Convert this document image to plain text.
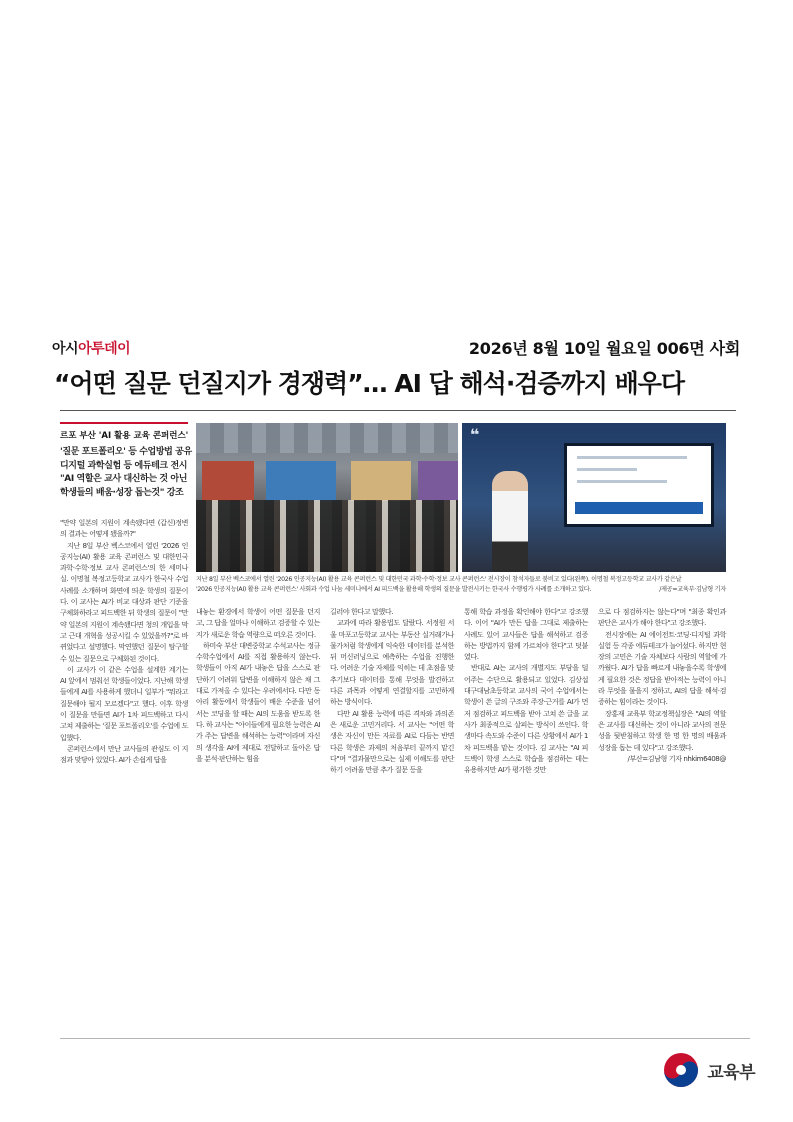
아시아투데이	2026년 8월 10일 월요일 006면 사회
“어떤 질문 던질지가 경쟁력”… AI 답 해석·검증까지 배우다
르포 부산 'AI 활용 교육 콘퍼런스'
'질문 포트폴리오' 등 수업방법 공유
디지털 과학실험 등 에듀테크 전시
"AI 역할은 교사 대신하는 것 아닌
학생들의 배움·성장 돕는것" 강조
❝
지난 8일 부산 벡스코에서 열린 '2026 인공지능(AI) 활용 교육 콘퍼런스 및 대한민국 과학·수학·정보 교사 콘퍼런스' 전시장이 참석자들로 붐비고 있다(왼쪽). 이명철 복정고등학교 교사가 같은날
'2026 인공지능(AI) 활용 교육 콘퍼런스' 사회과 수업 나눔 세미나에서 AI 피드백을 활용해 학생의 질문을 발전시키는 한국사 수행평가 사례를 소개하고 있다.	/제공=교육부·김남형 기자

"만약 일본의 지원이 계속됐다면 (갑신)정변의 결과는 어떻게 됐을까?"

지난 8일 부산 벡스코에서 열린 '2026 인공지능(AI) 활용 교육 콘퍼런스 및 대한민국 과학·수학·정보 교사 콘퍼런스'의 한 세미나실. 이명철 복정고등학교 교사가 한국사 수업 사례를 소개하며 화면에 띄운 학생의 질문이다. 이 교사는 AI가 비교 대상과 판단 기준을 구체화하라고 피드백한 뒤 학생의 질문이 "만약 일본의 지원이 계속됐다면 청의 개입을 막고 근대 개혁을 성공시킬 수 있었을까?"로 바뀌었다고 설명했다. 막연했던 질문이 탐구할 수 있는 질문으로 구체화된 것이다.

이 교사가 이 같은 수업을 설계한 계기는 AI 앞에서 멈춰선 학생들이었다. 지난해 학생들에게 AI를 사용하게 했더니 일부가 "뭐라고 질문해야 될지 모르겠다"고 했다. 이후 학생이 질문을 만들면 AI가 1차 피드백하고 다시 고쳐 제출하는 '질문 포트폴리오'를 수업에 도입했다.

콘퍼런스에서 만난 교사들의 관심도 이 지점과 맞닿아 있었다. AI가 손쉽게 답을

내놓는 환경에서 학생이 어떤 질문을 던지고, 그 답을 얼마나 이해하고 검증할 수 있는지가 새로운 학습 역량으로 떠오른 것이다.

하미숙 부산 대변중학교 수석교사는 정규 수학수업에서 AI를 직접 활용하지 않는다. 학생들이 아직 AI가 내놓은 답을 스스로 판단하기 어려워 답변을 이해하지 않은 채 그대로 가져올 수 있다는 우려에서다. 다만 동아리 활동에서 학생들이 배운 수준을 넘어서는 코딩을 할 때는 AI의 도움을 받도록 한다. 하 교사는 "아이들에게 필요한 능력은 AI가 주는 답변을 해석하는 능력"이라며 자신의 생각을 AI에 제대로 전달하고 돌아온 답을 분석·판단하는 힘을

길러야 한다고 말했다.

교과에 따라 활용법도 달랐다. 서정원 서울 마포고등학교 교사는 부동산 실거래가나 물가처럼 학생에게 익숙한 데이터를 분석한 뒤 머신러닝으로 예측하는 수업을 진행한다. 어려운 기술 자체를 익히는 데 초점을 맞추기보다 데이터를 통해 무엇을 발견하고 다른 과목과 어떻게 연결할지를 고민하게 하는 방식이다.

다만 AI 활용 능력에 따른 격차와 과의존은 새로운 고민거리다. 서 교사는 "어떤 학생은 자신이 만든 자료를 AI로 다듬는 반면 다른 학생은 과제의 처음부터 끝까지 맡긴다"며 "결과물만으로는 실제 이해도를 판단하기 어려울 만큼 추가 질문 등을

통해 학습 과정을 확인해야 한다"고 강조했다. 이어 "AI가 만든 답을 그대로 제출하는 사례도 있어 교사들은 답을 해석하고 검증하는 방법까지 함께 가르쳐야 한다"고 덧붙였다.

반대로 AI는 교사의 개별지도 부담을 덜어주는 수단으로 활용되고 있었다. 김상섭 대구대남초등학교 교사의 국어 수업에서는 학생이 쓴 글의 구조와 주장·근거를 AI가 먼저 점검하고 피드백을 받아 고쳐 쓴 글을 교사가 최종적으로 살피는 방식이 쓰인다. 학생마다 속도와 수준이 다른 상황에서 AI가 1차 피드백을 맡는 것이다. 김 교사는 "AI 피드백이 학생 스스로 학습을 점검하는 데는 유용하지만 AI가 평가한 것만

으로 다 점검하지는 않는다"며 "최종 확인과 판단은 교사가 해야 한다"고 강조했다.

전시장에는 AI 에이전트·코딩·디지털 과학실험 등 각종 에듀테크가 늘어섰다. 하지만 현장의 고민은 기술 자체보다 사람의 역할에 가까웠다. AI가 답을 빠르게 내놓을수록 학생에게 필요한 것은 정답을 받아적는 능력이 아니라 무엇을 물을지 정하고, AI의 답을 해석·검증하는 힘이라는 것이다.

장홍재 교육부 학교정책실장은 "AI의 역할은 교사를 대신하는 것이 아니라 교사의 전문성을 뒷받침하고 학생 한 명 한 명의 배움과 성장을 돕는 데 있다"고 강조했다.

/부산=김남형 기자 nhkim6408@

교육부
